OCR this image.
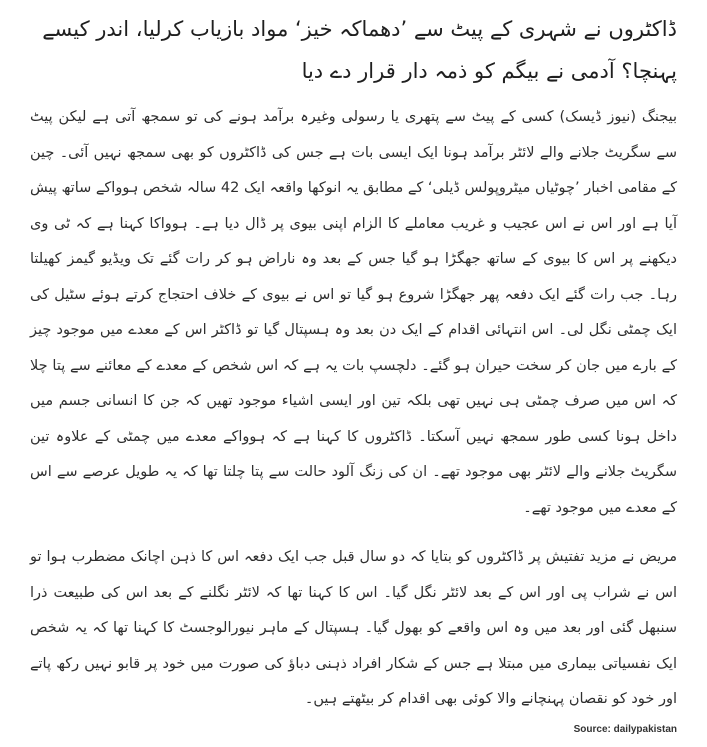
ڈاکٹروں نے شہری کے پیٹ سے ’دھماکہ خیز‘ مواد بازیاب کرلیا، اندر کیسے پہنچا؟ آدمی نے بیگم کو ذمہ دار قرار دے دیا

بیجنگ (نیوز ڈیسک) کسی کے پیٹ سے پتھری یا رسولی وغیرہ برآمد ہونے کی تو سمجھ آتی ہے لیکن پیٹ سے سگریٹ جلانے والے لائٹر برآمد ہونا ایک ایسی بات ہے جس کی ڈاکٹروں کو بھی سمجھ نہیں آئی۔ چین کے مقامی اخبار ’چوٹیاں میٹروپولس ڈیلی‘ کے مطابق یہ انوکھا واقعہ ایک 42 سالہ شخص ہوواکے ساتھ پیش آیا ہے اور اس نے اس عجیب و غریب معاملے کا الزام اپنی بیوی پر ڈال دیا ہے۔ ہوواکا کہنا ہے کہ ٹی وی دیکھنے پر اس کا بیوی کے ساتھ جھگڑا ہو گیا جس کے بعد وہ ناراض ہو کر رات گئے تک ویڈیو گیمز کھیلتا رہا۔ جب رات گئے ایک دفعہ پھر جھگڑا شروع ہو گیا تو اس نے بیوی کے خلاف احتجاج کرتے ہوئے سٹیل کی ایک چمٹی نگل لی۔ اس انتہائی اقدام کے ایک دن بعد وہ ہسپتال گیا تو ڈاکٹر اس کے معدے میں موجود چیز کے بارے میں جان کر سخت حیران ہو گئے۔ دلچسپ بات یہ ہے کہ اس شخص کے معدے کے معائنے سے پتا چلا کہ اس میں صرف چمٹی ہی نہیں تھی بلکہ تین اور ایسی اشیاء موجود تھیں کہ جن کا انسانی جسم میں داخل ہونا کسی طور سمجھ نہیں آسکتا۔ ڈاکٹروں کا کہنا ہے کہ ہوواکے معدے میں چمٹی کے علاوہ تین سگریٹ جلانے والے لائٹر بھی موجود تھے۔ ان کی زنگ آلود حالت سے پتا چلتا تھا کہ یہ طویل عرصے سے اس کے معدے میں موجود تھے۔

مریض نے مزید تفتیش پر ڈاکٹروں کو بتایا کہ دو سال قبل جب ایک دفعہ اس کا ذہن اچانک مضطرب ہوا تو اس نے شراب پی اور اس کے بعد لائٹر نگل گیا۔ اس کا کہنا تھا کہ لائٹر نگلنے کے بعد اس کی طبیعت ذرا سنبھل گئی اور بعد میں وہ اس واقعے کو بھول گیا۔ ہسپتال کے ماہر نیورالوجسٹ کا کہنا تھا کہ یہ شخص ایک نفسیاتی بیماری میں مبتلا ہے جس کے شکار افراد ذہنی دباؤ کی صورت میں خود پر قابو نہیں رکھ پاتے اور خود کو نقصان پہنچانے والا کوئی بھی اقدام کر بیٹھتے ہیں۔

Source: dailypakistan
